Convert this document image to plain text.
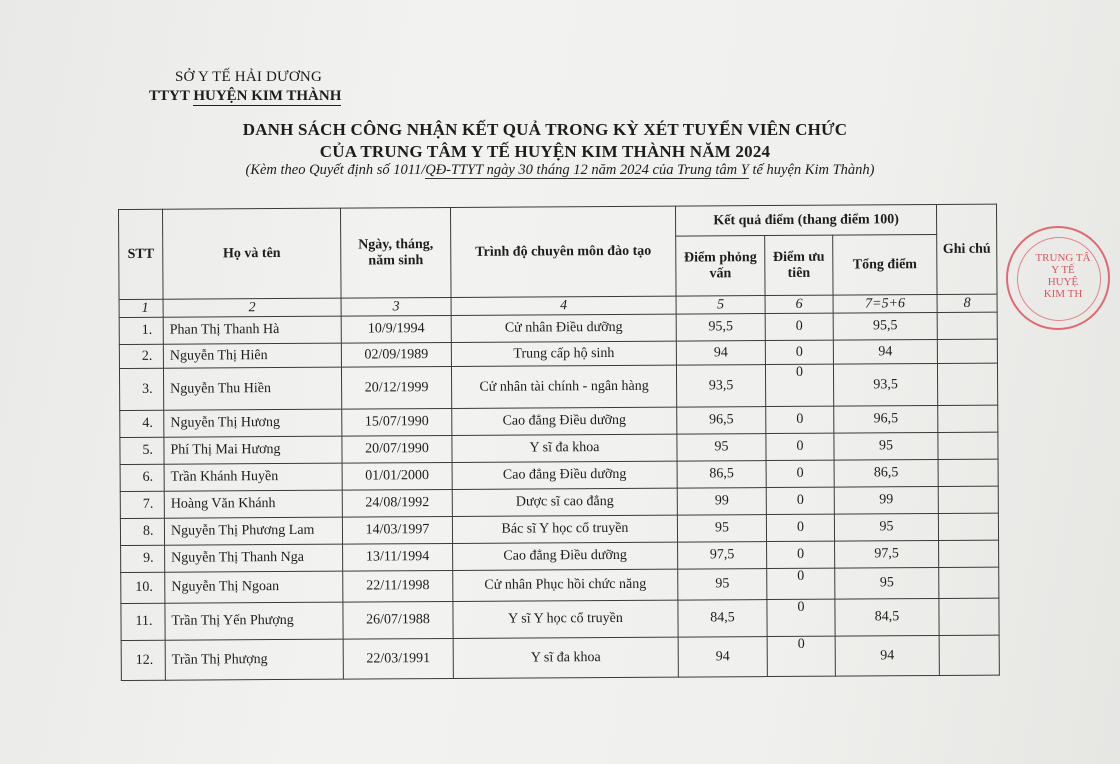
SỞ Y TẾ HẢI DƯƠNG
TTYT HUYỆN KIM THÀNH
DANH SÁCH CÔNG NHẬN KẾT QUẢ TRONG KỲ XÉT TUYỂN VIÊN CHỨC
CỦA TRUNG TÂM Y TẾ HUYỆN KIM THÀNH NĂM 2024
(Kèm theo Quyết định số 1011/QĐ-TTYT ngày 30 tháng 12 năm 2024 của Trung tâm Y tế huyện Kim Thành)
STT	Họ và tên	Ngày, tháng, năm sinh	Trình độ chuyên môn đào tạo	Kết quả điểm (thang điểm 100)			Ghi chú
				Điểm phỏng vấn	Điểm ưu tiên	Tổng điểm	
1	2	3	4	5	6	7=5+6	8
1.	Phan Thị Thanh Hà	10/9/1994	Cử nhân Điều dưỡng	95,5	0	95,5	
2.	Nguyễn Thị Hiên	02/09/1989	Trung cấp hộ sinh	94	0	94	
3.	Nguyễn Thu Hiền	20/12/1999	Cử nhân tài chính - ngân hàng	93,5	0	93,5	
4.	Nguyễn Thị Hương	15/07/1990	Cao đẳng Điều dưỡng	96,5	0	96,5	
5.	Phí Thị Mai Hương	20/07/1990	Y sĩ đa khoa	95	0	95	
6.	Trần Khánh Huyền	01/01/2000	Cao đẳng Điều dưỡng	86,5	0	86,5	
7.	Hoàng Văn Khánh	24/08/1992	Dược sĩ cao đẳng	99	0	99	
8.	Nguyễn Thị Phương Lam	14/03/1997	Bác sĩ Y học cổ truyền	95	0	95	
9.	Nguyễn Thị Thanh Nga	13/11/1994	Cao đẳng Điều dưỡng	97,5	0	97,5	
10.	Nguyễn Thị Ngoan	22/11/1998	Cử nhân Phục hồi chức năng	95	0	95	
11.	Trần Thị Yến Phượng	26/07/1988	Y sĩ Y học cổ truyền	84,5	0	84,5	
12.	Trần Thị Phượng	22/03/1991	Y sĩ đa khoa	94	0	94	
TRUNG TÂ
Y TẾ
HUYỆ
KIM TH
